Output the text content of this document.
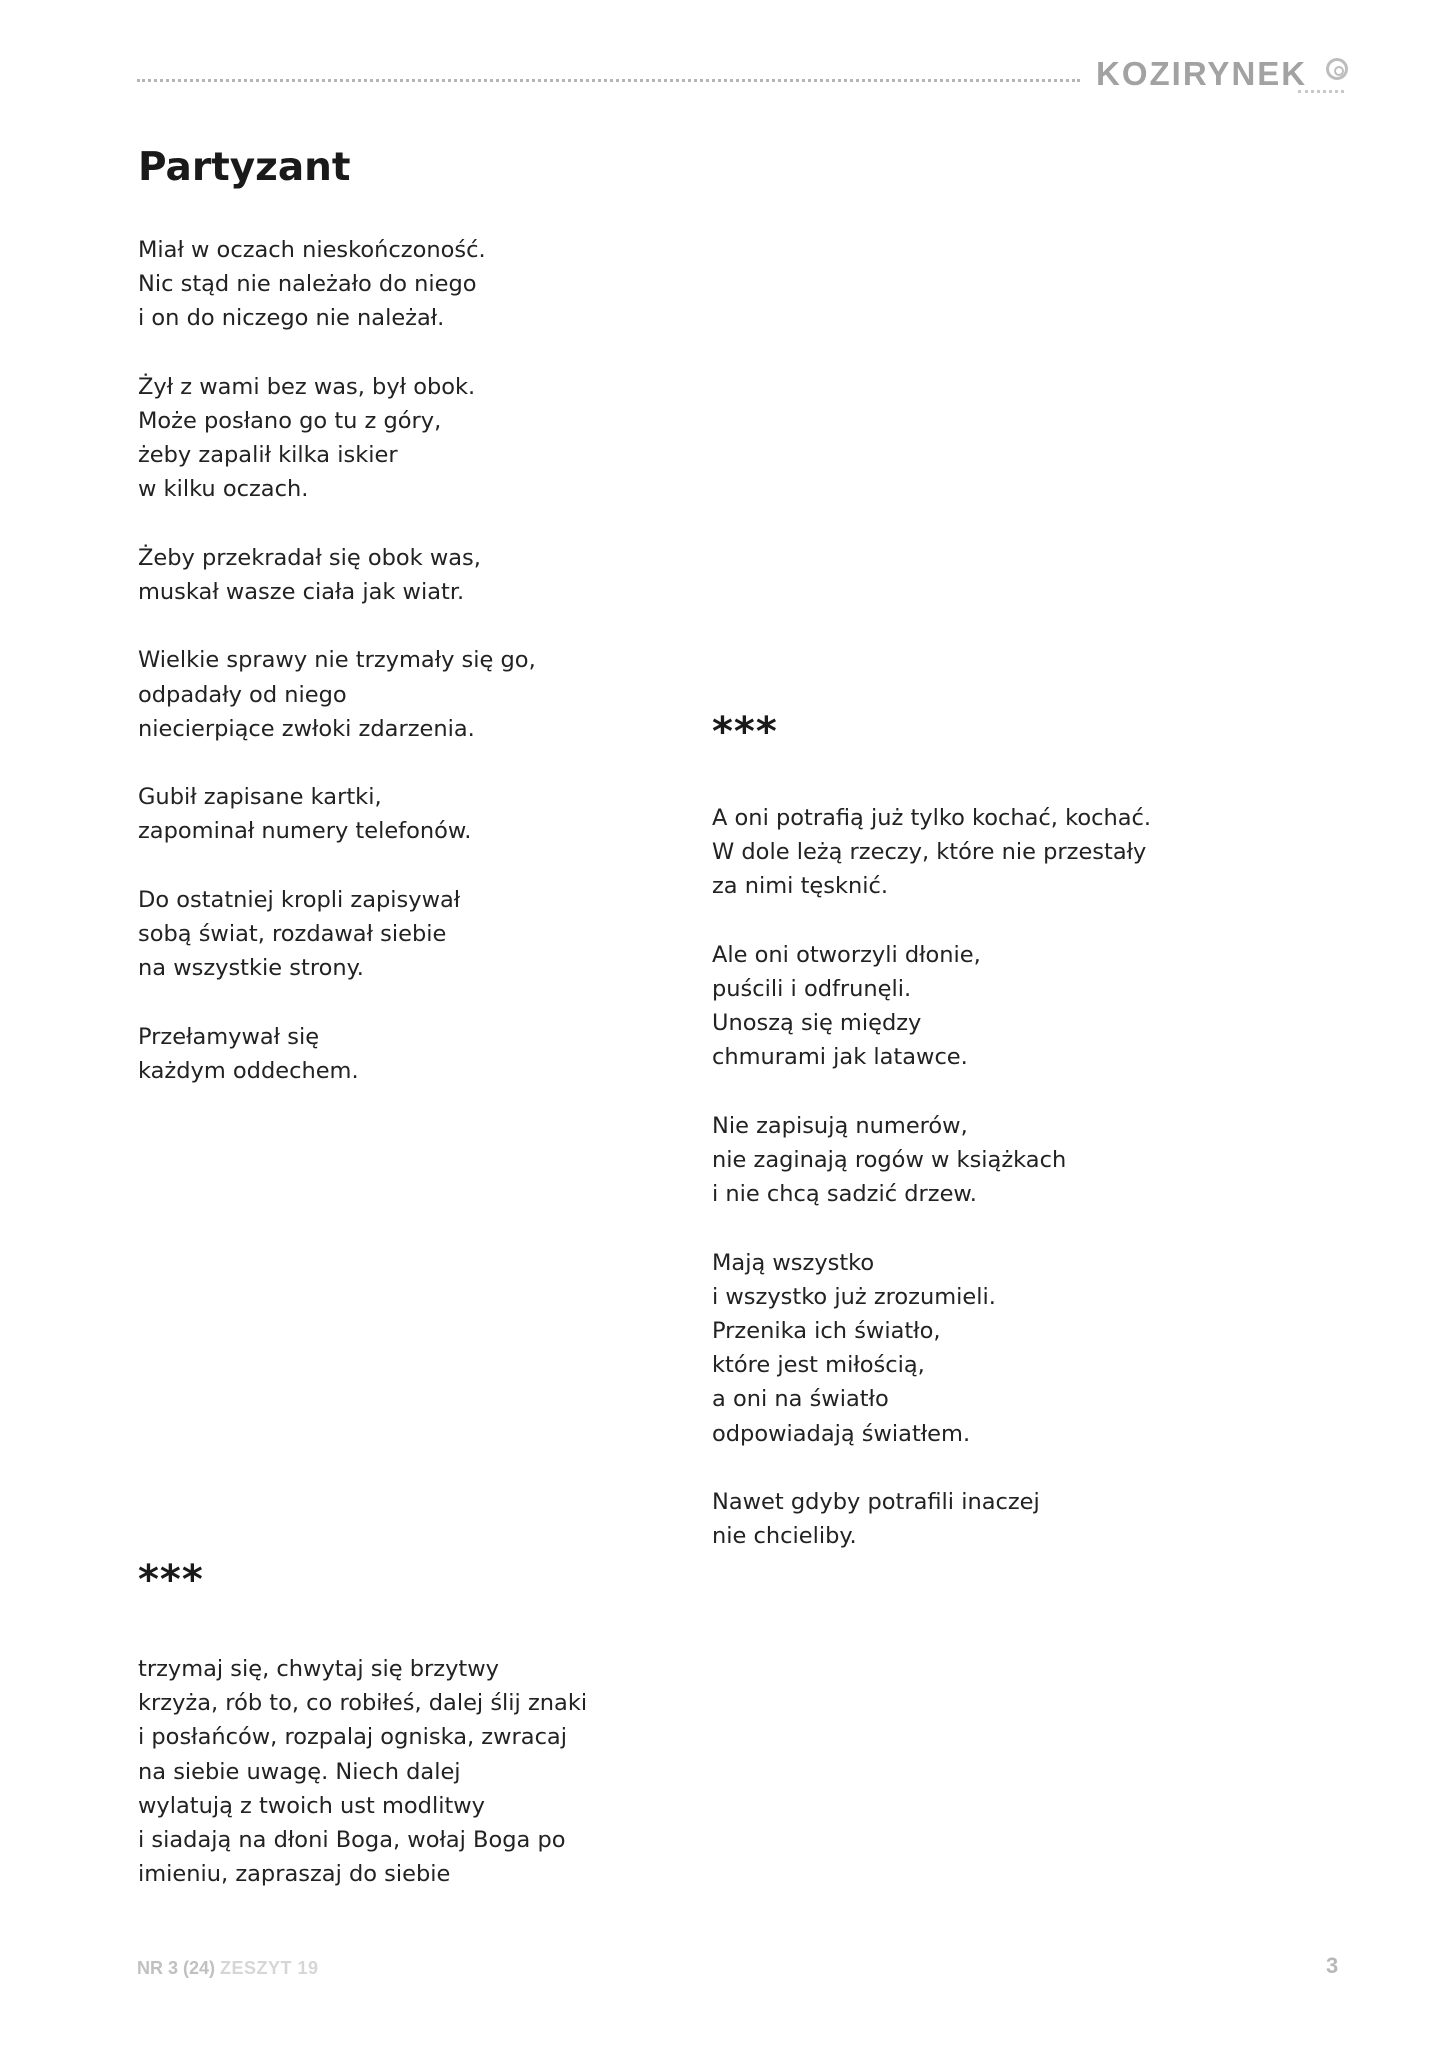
KOZIRYNEK
Partyzant
Miał w oczach nieskończoność.
Nic stąd nie należało do niego
i on do niczego nie należał.
Żył z wami bez was, był obok.
Może posłano go tu z góry,
żeby zapalił kilka iskier
w kilku oczach.
Żeby przekradał się obok was,
muskał wasze ciała jak wiatr.
Wielkie sprawy nie trzymały się go,
odpadały od niego
niecierpiące zwłoki zdarzenia.
Gubił zapisane kartki,
zapominał numery telefonów.
Do ostatniej kropli zapisywał
sobą świat, rozdawał siebie
na wszystkie strony.
Przełamywał się
każdym oddechem.
***
A oni potrafią już tylko kochać, kochać.
W dole leżą rzeczy, które nie przestały
za nimi tęsknić.
Ale oni otworzyli dłonie,
puścili i odfrunęli.
Unoszą się między
chmurami jak latawce.
Nie zapisują numerów,
nie zaginają rogów w książkach
i nie chcą sadzić drzew.
Mają wszystko
i wszystko już zrozumieli.
Przenika ich światło,
które jest miłością,
a oni na światło
odpowiadają światłem.
Nawet gdyby potrafili inaczej
nie chcieliby.
***
trzymaj się, chwytaj się brzytwy
krzyża, rób to, co robiłeś, dalej ślij znaki
i posłańców, rozpalaj ogniska, zwracaj
na siebie uwagę. Niech dalej
wylatują z twoich ust modlitwy
i siadają na dłoni Boga, wołaj Boga po
imieniu, zapraszaj do siebie
NR 3 (24) ZESZYT 19	3
